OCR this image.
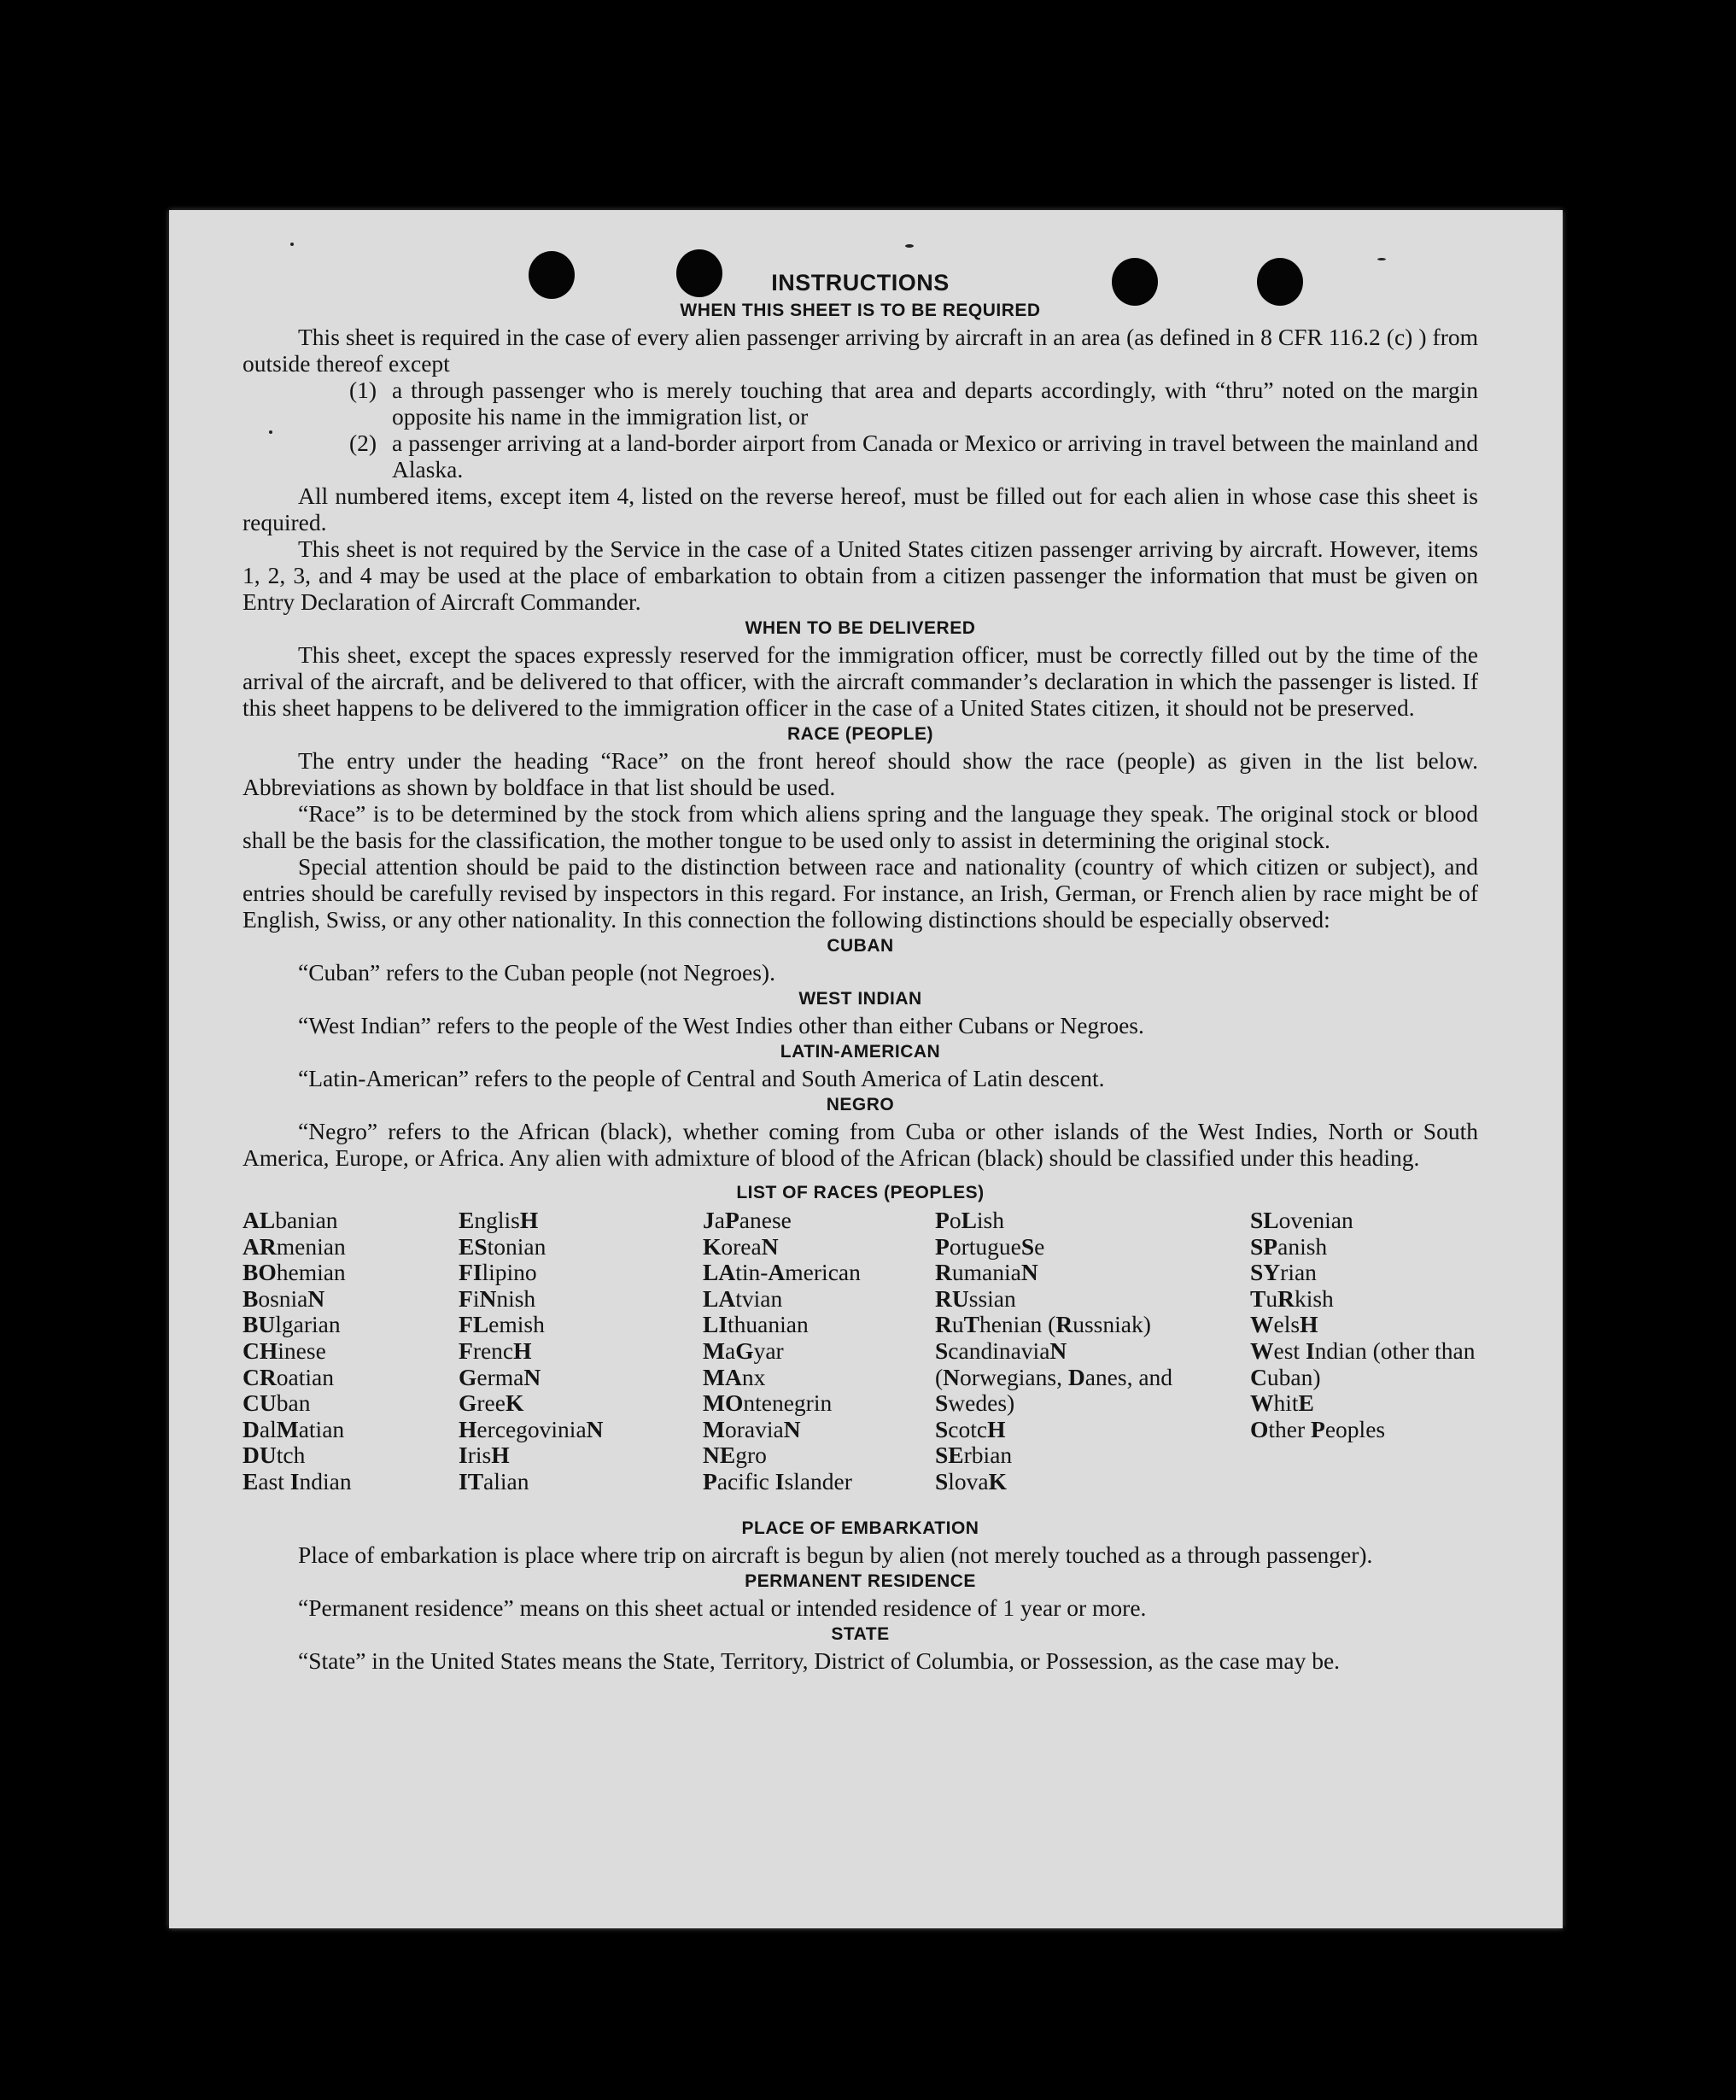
INSTRUCTIONS
WHEN THIS SHEET IS TO BE REQUIRED

This sheet is required in the case of every alien passenger arriving by aircraft in an area (as defined in 8 CFR 116.2 (c) ) from outside thereof except

(1) a through passenger who is merely touching that area and departs accordingly, with “thru” noted on the margin opposite his name in the immigration list, or
(2) a passenger arriving at a land-border airport from Canada or Mexico or arriving in travel between the mainland and Alaska.

All numbered items, except item 4, listed on the reverse hereof, must be filled out for each alien in whose case this sheet is required.

This sheet is not required by the Service in the case of a United States citizen passenger arriving by aircraft. However, items 1, 2, 3, and 4 may be used at the place of embarkation to obtain from a citizen passenger the information that must be given on Entry Declaration of Aircraft Commander.

WHEN TO BE DELIVERED

This sheet, except the spaces expressly reserved for the immigration officer, must be correctly filled out by the time of the arrival of the aircraft, and be delivered to that officer, with the aircraft commander’s declaration in which the passenger is listed. If this sheet happens to be delivered to the immigration officer in the case of a United States citizen, it should not be preserved.

RACE (PEOPLE)

The entry under the heading “Race” on the front hereof should show the race (people) as given in the list below. Abbreviations as shown by boldface in that list should be used.

“Race” is to be determined by the stock from which aliens spring and the language they speak. The original stock or blood shall be the basis for the classification, the mother tongue to be used only to assist in determining the original stock.

Special attention should be paid to the distinction between race and nationality (country of which citizen or subject), and entries should be carefully revised by inspectors in this regard. For instance, an Irish, German, or French alien by race might be of English, Swiss, or any other nationality. In this connection the following distinctions should be especially observed:

CUBAN

“Cuban” refers to the Cuban people (not Negroes).

WEST INDIAN

“West Indian” refers to the people of the West Indies other than either Cubans or Negroes.

LATIN-AMERICAN

“Latin-American” refers to the people of Central and South America of Latin descent.

NEGRO

“Negro” refers to the African (black), whether coming from Cuba or other islands of the West Indies, North or South America, Europe, or Africa. Any alien with admixture of blood of the African (black) should be classified under this heading.

LIST OF RACES (PEOPLES)
ALbanian
ARmenian
BOhemian
BosniaN
BUlgarian
CHinese
CRoatian
CUban
DalMatian
DUtch
East Indian
EnglisH
EStonian
FIlipino
FiNnish
FLemish
FrencH
GermaN
GreeK
HercegoviniaN
IrisH
ITalian
JaPanese
KoreaN
LAtin-American
LAtvian
LIthuanian
MaGyar
MAnx
MOntenegrin
MoraviaN
NEgro
Pacific Islander
PoLish
PortugueSe
RumaniaN
RUssian
RuThenian (Russniak)
ScandinaviaN (Norwegians, Danes, and Swedes)
ScotcH
SErbian
SlovaK
SLovenian
SPanish
SYrian
TuRkish
WelsH
West Indian (other than Cuban)
WhitE
Other Peoples
PLACE OF EMBARKATION

Place of embarkation is place where trip on aircraft is begun by alien (not merely touched as a through passenger).

PERMANENT RESIDENCE

“Permanent residence” means on this sheet actual or intended residence of 1 year or more.

STATE

“State” in the United States means the State, Territory, District of Columbia, or Possession, as the case may be.
